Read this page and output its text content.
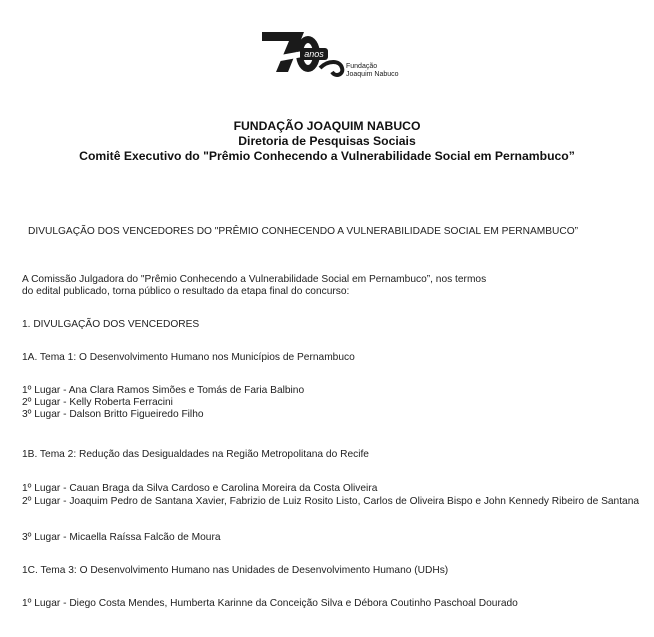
anos
Fundação
Joaquim Nabuco
FUNDAÇÃO JOAQUIM NABUCO
Diretoria de Pesquisas Sociais
Comitê Executivo do "Prêmio Conhecendo a Vulnerabilidade Social em Pernambuco”
DIVULGAÇÃO DOS VENCEDORES DO "PRÊMIO CONHECENDO A VULNERABILIDADE SOCIAL EM PERNAMBUCO”
A Comissão Julgadora do "Prêmio Conhecendo a Vulnerabilidade Social em Pernambuco”, nos termos
do edital publicado, torna público o resultado da etapa final do concurso:
1. DIVULGAÇÃO DOS VENCEDORES
1A. Tema 1: O Desenvolvimento Humano nos Municípios de Pernambuco
1º Lugar - Ana Clara Ramos Simões e Tomás de Faria Balbino
2º Lugar - Kelly Roberta Ferracini
3º Lugar - Dalson Britto Figueiredo Filho
1B. Tema 2: Redução das Desigualdades na Região Metropolitana do Recife
1º Lugar - Cauan Braga da Silva Cardoso e Carolina Moreira da Costa Oliveira
2º Lugar - Joaquim Pedro de Santana Xavier, Fabrizio de Luiz Rosito Listo, Carlos de Oliveira Bispo e John Kennedy Ribeiro de Santana
3º Lugar - Micaella Raíssa Falcão de Moura
1C. Tema 3: O Desenvolvimento Humano nas Unidades de Desenvolvimento Humano (UDHs)
1º Lugar - Diego Costa Mendes, Humberta Karinne da Conceição Silva e Débora Coutinho Paschoal Dourado
